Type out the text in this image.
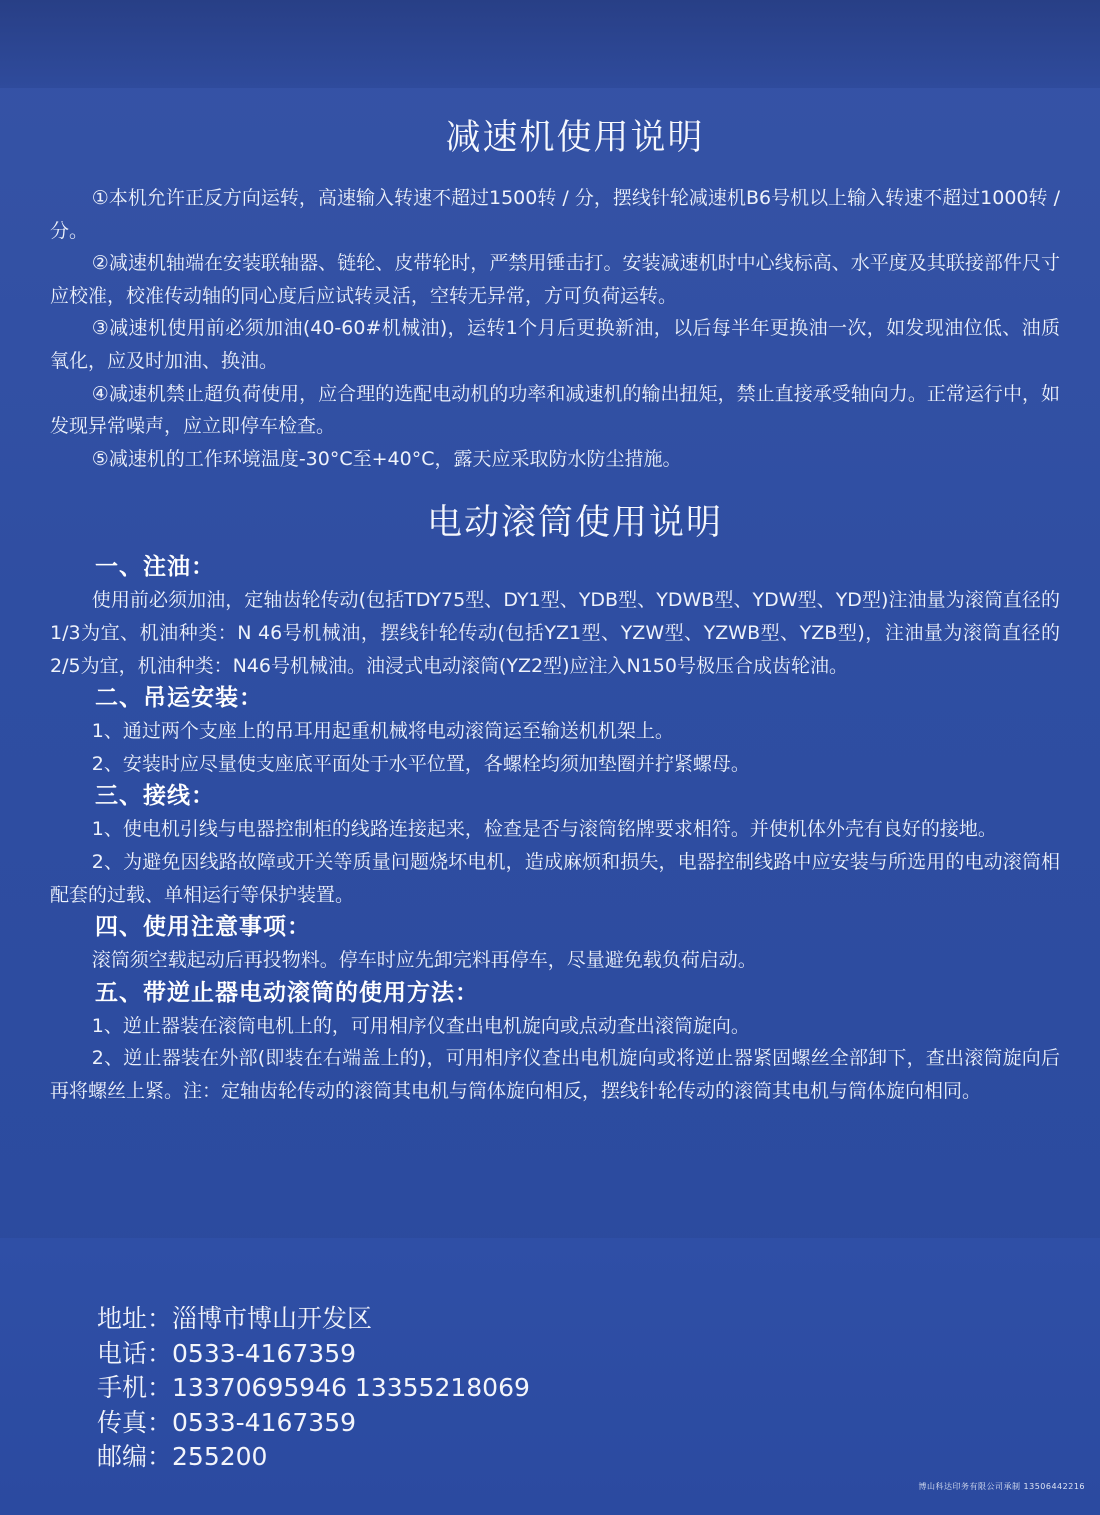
减速机使用说明

①本机允许正反方向运转，高速输入转速不超过1500转 / 分，摆线针轮减速机B6号机以上输入转速不超过1000转 / 分。

②减速机轴端在安装联轴器、链轮、皮带轮时，严禁用锤击打。安装减速机时中心线标高、水平度及其联接部件尺寸应校准，校准传动轴的同心度后应试转灵活，空转无异常，方可负荷运转。

③减速机使用前必须加油(40-60#机械油)，运转1个月后更换新油，以后每半年更换油一次，如发现油位低、油质氧化，应及时加油、换油。

④减速机禁止超负荷使用，应合理的选配电动机的功率和减速机的输出扭矩，禁止直接承受轴向力。正常运行中，如发现异常噪声，应立即停车检查。

⑤减速机的工作环境温度-30°C至+40°C，露天应采取防水防尘措施。

电动滚筒使用说明
一、注油：

使用前必须加油，定轴齿轮传动(包括TDY75型、DY1型、YDB型、YDWB型、YDW型、YD型)注油量为滚筒直径的1/3为宜、机油种类：N 46号机械油，摆线针轮传动(包括YZ1型、YZW型、YZWB型、YZB型)，注油量为滚筒直径的2/5为宜，机油种类：N46号机械油。油浸式电动滚筒(YZ2型)应注入N150号极压合成齿轮油。

二、吊运安装：

1、通过两个支座上的吊耳用起重机械将电动滚筒运至输送机机架上。

2、安装时应尽量使支座底平面处于水平位置，各螺栓均须加垫圈并拧紧螺母。

三、接线：

1、使电机引线与电器控制柜的线路连接起来，检查是否与滚筒铭牌要求相符。并使机体外壳有良好的接地。

2、为避免因线路故障或开关等质量问题烧坏电机，造成麻烦和损失，电器控制线路中应安装与所选用的电动滚筒相配套的过载、单相运行等保护装置。

四、使用注意事项：

滚筒须空载起动后再投物料。停车时应先卸完料再停车，尽量避免载负荷启动。

五、带逆止器电动滚筒的使用方法：

1、逆止器装在滚筒电机上的，可用相序仪查出电机旋向或点动查出滚筒旋向。

2、逆止器装在外部(即装在右端盖上的)，可用相序仪查出电机旋向或将逆止器紧固螺丝全部卸下，查出滚筒旋向后再将螺丝上紧。注：定轴齿轮传动的滚筒其电机与筒体旋向相反，摆线针轮传动的滚筒其电机与筒体旋向相同。

地址：淄博市博山开发区
电话：0533-4167359
手机：13370695946 13355218069
传真：0533-4167359
邮编：255200
博山科达印务有限公司承制 13506442216
